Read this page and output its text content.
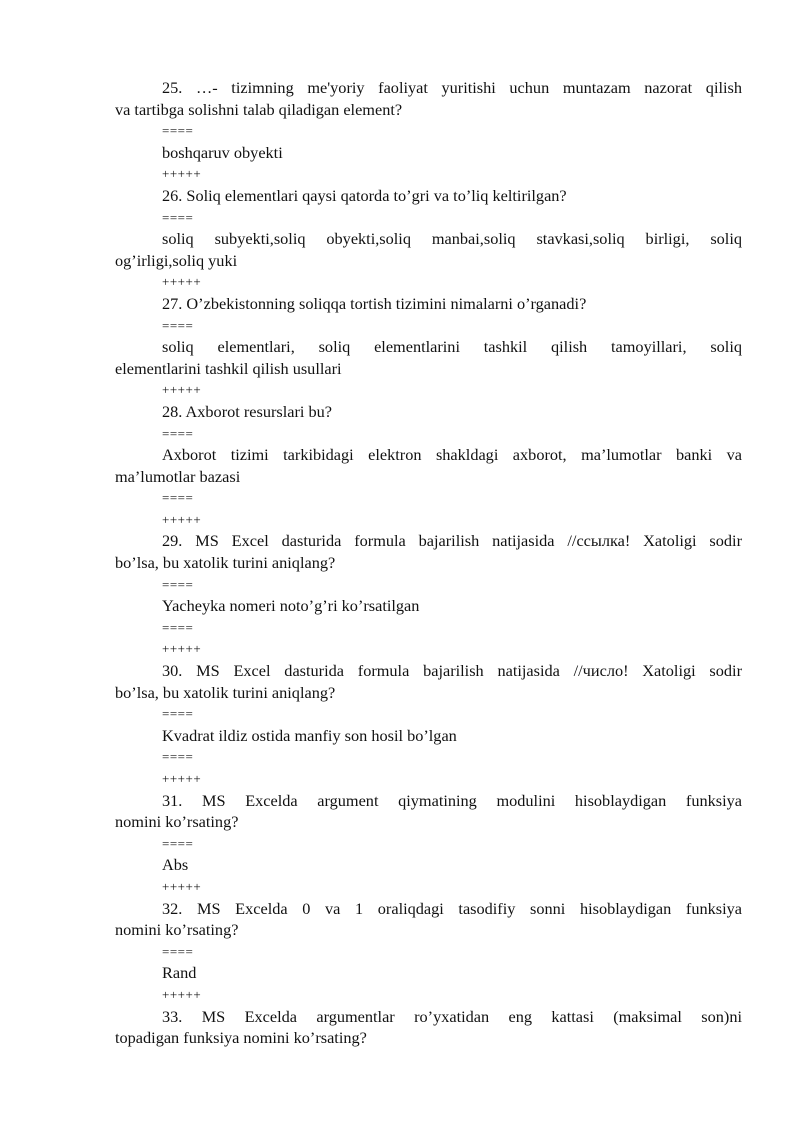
25. …- tizimning me'yoriy faoliyat yuritishi uchun muntazam nazorat qilish

va tartibga solishni talab qiladigan element?

====

boshqaruv obyekti

+++++

26. Soliq elementlari qaysi qatorda to’gri va to’liq keltirilgan?

====

soliq subyekti,soliq obyekti,soliq manbai,soliq stavkasi,soliq birligi, soliq

og’irligi,soliq yuki

+++++

27. O’zbekistonning soliqqa tortish tizimini nimalarni o’rganadi?

====

soliq elementlari, soliq elementlarini tashkil qilish tamoyillari, soliq

elementlarini tashkil qilish usullari

+++++

28. Axborot resurslari bu?

====

Axborot tizimi tarkibidagi elektron shakldagi axborot, ma’lumotlar banki va

ma’lumotlar bazasi

====

+++++

29. MS Excel dasturida formula bajarilish natijasida //ссылка! Xatoligi sodir

bo’lsa, bu xatolik turini aniqlang?

====

Yacheyka nomeri noto’g’ri ko’rsatilgan

====

+++++

30. MS Excel dasturida formula bajarilish natijasida //число! Xatoligi sodir

bo’lsa, bu xatolik turini aniqlang?

====

Kvadrat ildiz ostida manfiy son hosil bo’lgan

====

+++++

31. MS Excelda argument qiymatining modulini hisoblaydigan funksiya

nomini ko’rsating?

====

Abs

+++++

32. MS Excelda 0 va 1 oraliqdagi tasodifiy sonni hisoblaydigan funksiya

nomini ko’rsating?

====

Rand

+++++

33. MS Excelda argumentlar ro’yxatidan eng kattasi (maksimal son)ni

topadigan funksiya nomini ko’rsating?
